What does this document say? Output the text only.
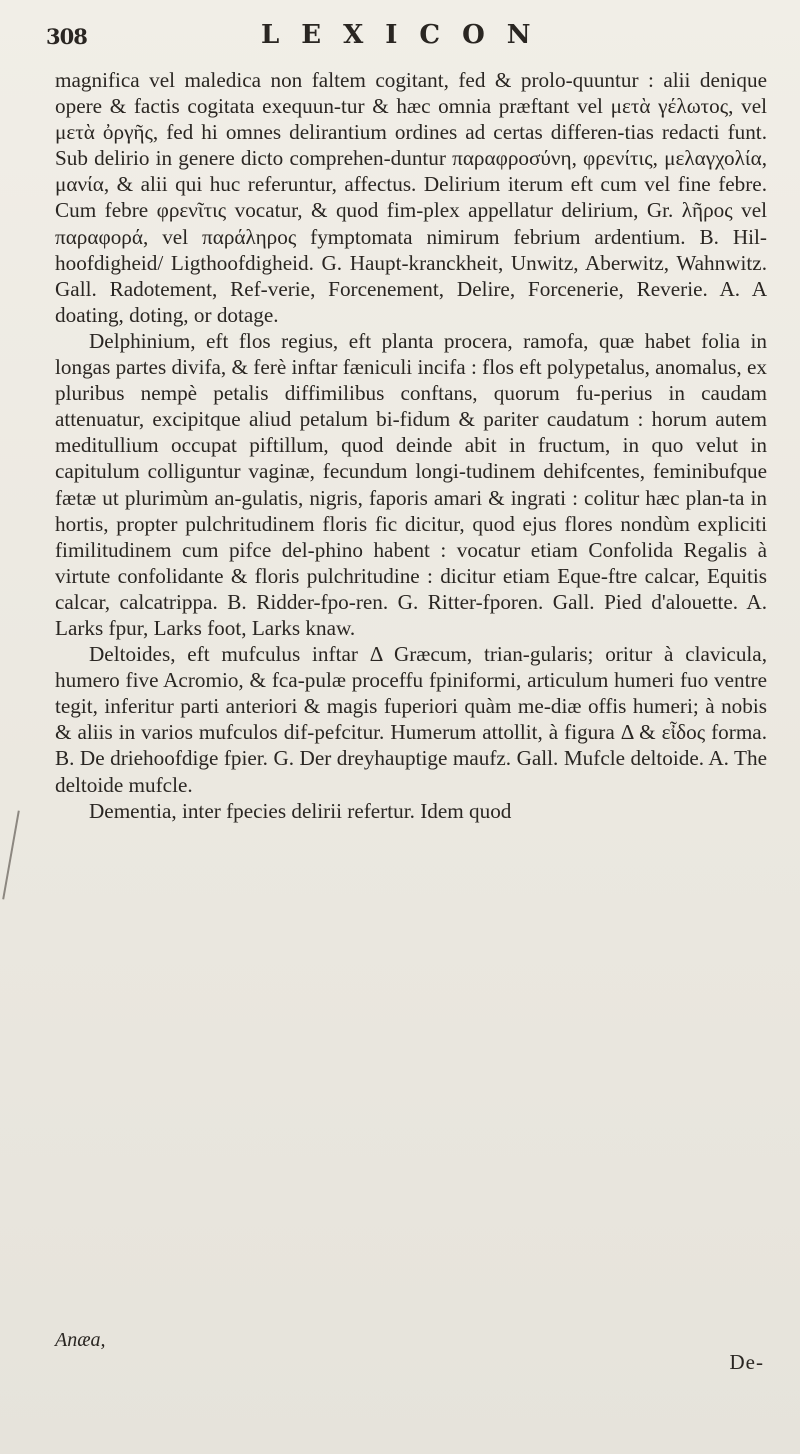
308	LEXICON

magnifica vel maledica non faltem cogitant, fed & prolo-quuntur : alii denique opere & factis cogitata exequun-tur & hæc omnia præftant vel μετὰ γέλωτος, vel μετὰ ὀργῆς, fed hi omnes delirantium ordines ad certas differen-tias redacti funt. Sub delirio in genere dicto comprehen-duntur παραφροσύνη, φρενίτις, μελαγχολία, μανία, & alii qui huc referuntur, affectus. Delirium iterum eft cum vel fine febre. Cum febre φρενῖτις vocatur, & quod fim-plex appellatur delirium, Gr. λῆρος vel παραφορά, vel παράληρος fymptomata nimirum febrium ardentium. B. Hil-hoofdigheid/ Ligthoofdigheid. G. Haupt-kranckheit, Unwitz, Aberwitz, Wahnwitz. Gall. Radotement, Ref-verie, Forcenement, Delire, Forcenerie, Reverie. A. A doating, doting, or dotage.

Delphinium, eft flos regius, eft planta procera, ramofa, quæ habet folia in longas partes divifa, & ferè inftar fæniculi incifa : flos eft polypetalus, anomalus, ex pluribus nempè petalis diffimilibus conftans, quorum fu-perius in caudam attenuatur, excipitque aliud petalum bi-fidum & pariter caudatum : horum autem meditullium occupat piftillum, quod deinde abit in fructum, in quo velut in capitulum colliguntur vaginæ, fecundum longi-tudinem dehifcentes, feminibufque fætæ ut plurimùm an-gulatis, nigris, faporis amari & ingrati : colitur hæc plan-ta in hortis, propter pulchritudinem floris fic dicitur, quod ejus flores nondùm expliciti fimilitudinem cum pifce del-phino habent : vocatur etiam Confolida Regalis à virtute confolidante & floris pulchritudine : dicitur etiam Eque-ftre calcar, Equitis calcar, calcatrippa. B. Ridder-fpo-ren. G. Ritter-fporen. Gall. Pied d'alouette. A. Larks fpur, Larks foot, Larks knaw.

Deltoides, eft mufculus inftar Δ Græcum, trian-gularis; oritur à clavicula, humero five Acromio, & fca-pulæ proceffu fpiniformi, articulum humeri fuo ventre tegit, inferitur parti anteriori & magis fuperiori quàm me-diæ offis humeri; à nobis & aliis in varios mufculos dif-pefcitur. Humerum attollit, à figura Δ & εἶδος forma. B. De driehoofdige fpier. G. Der dreyhauptige maufz. Gall. Mufcle deltoide. A. The deltoide mufcle.

Dementia, inter fpecies delirii refertur. Idem quod

Anæa,
De-
